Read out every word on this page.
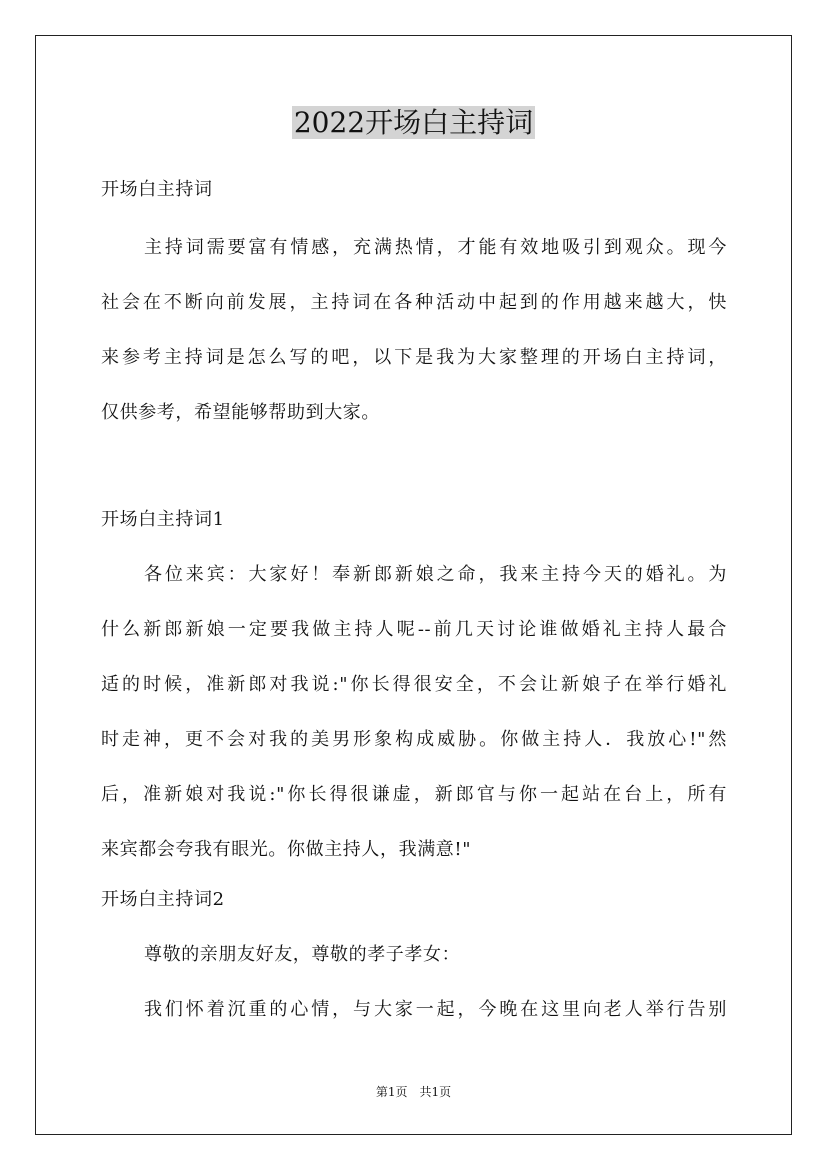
2022开场白主持词
开场白主持词
主持词需要富有情感，充满热情，才能有效地吸引到观众。现今
社会在不断向前发展，主持词在各种活动中起到的作用越来越大，快
来参考主持词是怎么写的吧，以下是我为大家整理的开场白主持词，
仅供参考，希望能够帮助到大家。
开场白主持词1
各位来宾：大家好！奉新郎新娘之命，我来主持今天的婚礼。为
什么新郎新娘一定要我做主持人呢--前几天讨论谁做婚礼主持人最合
适的时候，准新郎对我说:"你长得很安全，不会让新娘子在举行婚礼
时走神，更不会对我的美男形象构成威胁。你做主持人．我放心!"然
后，准新娘对我说:"你长得很谦虚，新郎官与你一起站在台上，所有
来宾都会夸我有眼光。你做主持人，我满意!"
开场白主持词2
尊敬的亲朋友好友，尊敬的孝子孝女：
我们怀着沉重的心情，与大家一起，今晚在这里向老人举行告别
第1页　共1页
